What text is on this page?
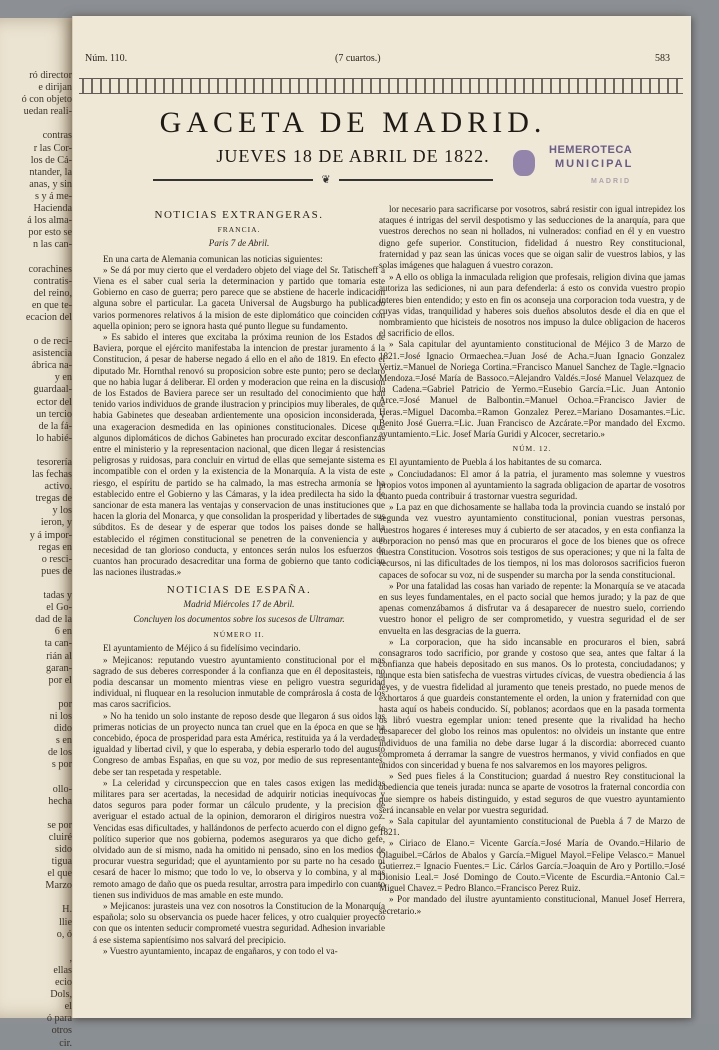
ró director
e dirijan
ó con objeto
uedan reali-

contras
r las Cor-
los de Cá-
ntander, la
anas, y sin
s y á me-
Hacienda
á los alma-
por esto se
n las can-

corachines
contratis-
del reino,
en que te-
ecacion del

o de reci-
asistencia
ábrica na-
y en
guardaal-
ector del
un tercio
de la fá-
lo habié-

tesorería
las fechas
activo.
tregas de
y los
ieron, y
y á impor-
regas en
o resci-
pues de

tadas y
el Go-
dad de la
6 en
ta can-
rián al
garan-
por el

por
ni los
dido
s en
de los
s por

ollo-
hecha

se por
cluiré
sido
tigua
el que
Marzo

H.
llie
o, ó

,
ellas
ecio
Dols,
el
ó para
otros
cir.
Núm. 110.	(7 cuartos.)	583
GACETA DE MADRID.
JUEVES 18 DE ABRIL DE 1822.
❦
HEMEROTECA
MUNICIPAL
MADRID

NOTICIAS EXTRANGERAS.

FRANCIA.

Paris 7 de Abril.

En una carta de Alemania comunican las noticias siguientes:

» Se dá por muy cierto que el verdadero objeto del viage del Sr. Tatischeff á Viena es el saber cual seria la determinacion y partido que tomaria este Gobierno en caso de guerra; pero parece que se abstiene de hacerle indicacion alguna sobre el particular. La gaceta Universal de Augsburgo ha publicado varios pormenores relativos á la mision de este diplomático que coinciden con aquella opinion; pero se ignora hasta qué punto llegue su fundamento.

» Es sabido el interes que excitaba la próxima reunion de los Estados de Baviera, porque el ejército manifestaba la intencion de prestar juramento á la Constitucion, á pesar de haberse negado á ello en el año de 1819. En efecto el diputado Mr. Hornthal renovó su proposicion sobre este punto; pero se declaró que no habia lugar á deliberar. El orden y moderacion que reina en la discusion de los Estados de Baviera parece ser un resultado del conocimiento que han tenido varios individuos de grande ilustracion y principios muy liberales, de que habia Gabinetes que deseaban ardientemente una oposicion inconsiderada, y una exageracion desmedida en las opiniones constitucionales. Dicese que algunos diplomáticos de dichos Gabinetes han procurado excitar desconfianzas entre el ministerio y la representacion nacional, que dicen llegar á resistencias peligrosas y ruidosas, para concluir en virtud de ellas que semejante sistema es incompatible con el orden y la existencia de la Monarquía. A la vista de este riesgo, el espíritu de partido se ha calmado, la mas estrecha armonía se ha establecido entre el Gobierno y las Cámaras, y la idea predilecta ha sido la de sancionar de esta manera las ventajas y conservacion de unas instituciones que hacen la gloria del Monarca, y que consolidan la prosperidad y libertades de sus súbditos. Es de desear y de esperar que todos los paises donde se halla establecido el régimen constitucional se penetren de la conveniencia y aun necesidad de tan glorioso conducta, y entonces serán nulos los esfuerzos de cuantos han procurado desacreditar una forma de gobierno que tanto codician las naciones ilustradas.»

NOTICIAS DE ESPAÑA.

Madrid Miércoles 17 de Abril.

Concluyen los documentos sobre los sucesos de Ultramar.

NÚMERO II.

El ayuntamiento de Méjico á su fidelísimo vecindario.

» Mejicanos: reputando vuestro ayuntamiento constitucional por el mas sagrado de sus deberes corresponder á la confianza que en él depositasteis, no podia descansar un momento mientras viese en peligro vuestra seguridad individual, ni fluquear en la resolucion inmutable de comprárosla á costa de los mas caros sacrificios.

» No ha tenido un solo instante de reposo desde que llegaron á sus oidos las primeras noticias de un proyecto nunca tan cruel que en la época en que se ha concebido, época de prosperidad para esta América, restituida ya á la verdadera igualdad y libertad civil, y que lo esperaba, y debia esperarlo todo del augusto Congreso de ambas Españas, en que su voz, por medio de sus representantes, debe ser tan respetada y respetable.

» La celeridad y circunspeccion que en tales casos exigen las medidas militares para ser acertadas, la necesidad de adquirir noticias inequívocas y datos seguros para poder formar un cálculo prudente, y la precision de averiguar el estado actual de la opinion, demoraron el dirigiros nuestra voz. Vencidas esas dificultades, y hallándonos de perfecto acuerdo con el digno gefe político superior que nos gobierna, podemos aseguraros ya que dicho gefe, olvidado aun de sí mismo, nada ha omitido ni pensado, sino en los medios de procurar vuestra seguridad; que el ayuntamiento por su parte no ha cesado ni cesará de hacer lo mismo; que todo lo ve, lo observa y lo combina, y al mas remoto amago de daño que os pueda resultar, arrostra para impedirlo con cuanto tienen sus individuos de mas amable en este mundo.

» Mejicanos: jurasteis una vez con nosotros la Constitucion de la Monarquía española; solo su observancia os puede hacer felices, y otro cualquier proyecto con que os intenten seducir comprometé vuestra seguridad. Adhesion invariable á ese sistema sapientísimo nos salvará del precipicio.

» Vuestro ayuntamiento, incapaz de engañaros, y con todo el va-

lor necesario para sacrificarse por vosotros, sabrá resistir con igual intrepidez los ataques é intrigas del servil despotismo y las seducciones de la anarquía, para que vuestros derechos no sean ni hollados, ni vulnerados: confiad en él y en vuestro digno gefe superior. Constitucion, fidelidad á nuestro Rey constitucional, fraternidad y paz sean las únicas voces que se oigan salir de vuestros labios, y las solas imágenes que halaguen á vuestro corazon.

» A ello os obliga la inmaculada religion que profesais, religion divina que jamas autoriza las sediciones, ni aun para defenderla: á esto os convida vuestro propio interes bien entendido; y esto en fin os aconseja una corporacion toda vuestra, y de cuyas vidas, tranquilidad y haberes sois dueños absolutos desde el dia en que el nombramiento que hicisteis de nosotros nos impuso la dulce obligacion de haceros el sacrificio de ellos.

» Sala capitular del ayuntamiento constitucional de Méjico 3 de Marzo de 1821.=José Ignacio Ormaechea.=Juan José de Acha.=Juan Ignacio Gonzalez Vertiz.=Manuel de Noriega Cortina.=Francisco Manuel Sanchez de Tagle.=Ignacio Mendoza.=José María de Bassoco.=Alejandro Valdés.=José Manuel Velazquez de la Cadena.=Gabriel Patricio de Yermo.=Eusebio García.=Lic. Juan Antonio Arce.=José Manuel de Balbontin.=Manuel Ochoa.=Francisco Javier de Heras.=Miguel Dacomba.=Ramon Gonzalez Perez.=Mariano Dosamantes.=Lic. Benito José Guerra.=Lic. Juan Francisco de Azcárate.=Por mandado del Excmo. ayuntamiento.=Lic. Josef María Guridi y Alcocer, secretario.»

NÚM. 12.

El ayuntamiento de Puebla á los habitantes de su comarca.

» Conciudadanos: El amor á la patria, el juramento mas solemne y vuestros propios votos imponen al ayuntamiento la sagrada obligacion de apartar de vosotros cuanto pueda contribuir á trastornar vuestra seguridad.

» La paz en que dichosamente se hallaba toda la provincia cuando se instaló por segunda vez vuestro ayuntamiento constitucional, ponian vuestras personas, vuestros hogares é intereses muy á cubierto de ser atacados, y en esta confianza la corporacion no pensó mas que en procuraros el goce de los bienes que os ofrece nuestra Constitucion. Vosotros sois testigos de sus operaciones; y que ni la falta de recursos, ni las dificultades de los tiempos, ni los mas dolorosos sacrificios fueron capaces de sofocar su voz, ni de suspender su marcha por la senda constitucional.

» Por una fatalidad las cosas han variado de repente: la Monarquía se ve atacada en sus leyes fundamentales, en el pacto social que hemos jurado; y la paz de que apenas comenzábamos á disfrutar va á desaparecer de nuestro suelo, corriendo vuestro honor el peligro de ser comprometido, y vuestra seguridad el de ser envuelta en las desgracias de la guerra.

» La corporacion, que ha sido incansable en procuraros el bien, sabrá consagraros todo sacrificio, por grande y costoso que sea, antes que faltar á la confianza que habeis depositado en sus manos. Os lo protesta, conciudadanos; y aunque esta bien satisfecha de vuestras virtudes cívicas, de vuestra obediencia á las leyes, y de vuestra fidelidad al juramento que teneis prestado, no puede menos de exhortaros á que guardeis constantemente el orden, la union y fraternidad con que hasta aquí os habeis conducido. Sí, poblanos; acordaos que en la pasada tormenta os libró vuestra egemplar union: tened presente que la rivalidad ha hecho desaparecer del globo los reinos mas opulentos: no olvideis un instante que entre individuos de una familia no debe darse lugar á la discordia: aborreced cuanto comprometa á derramar la sangre de vuestros hermanos, y vivid confiados en que unidos con sinceridad y buena fe nos salvaremos en los mayores peligros.

» Sed pues fieles á la Constitucion; guardad á nuestro Rey constitucional la obediencia que teneis jurada: nunca se aparte de vosotros la fraternal concordia con que siempre os habeis distinguido, y estad seguros de que vuestro ayuntamiento será incansable en velar por vuestra seguridad.

» Sala capitular del ayuntamiento constitucional de Puebla á 7 de Marzo de 1821.

» Ciriaco de Elano.= Vicente García.=José María de Ovando.=Hilario de Olaguibel.=Cárlos de Abalos y García.=Miguel Mayol.=Felipe Velasco.= Manuel Gutierrez.= Ignacio Fuentes.= Lic. Cárlos García.=Joaquin de Aro y Portillo.=José Dionisio Leal.= José Domingo de Couto.=Vicente de Escurdia.=Antonio Cal.= Miguel Chavez.= Pedro Blanco.=Francisco Perez Ruiz.

» Por mandado del ilustre ayuntamiento constitucional, Manuel Josef Herrera, secretario.»
